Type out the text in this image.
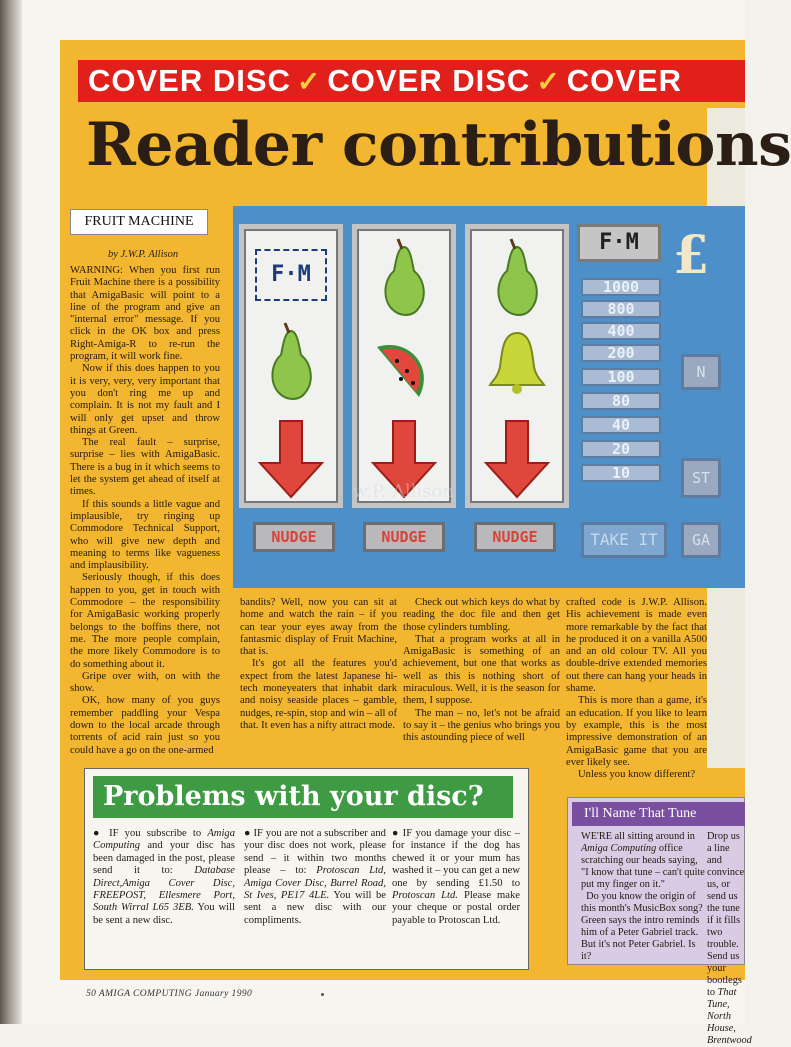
COVER DISC ✓ COVER DISC ✓ COVER
Reader contributions
FRUIT MACHINE
by J.W.P. Allison

WARNING: When you first run Fruit Machine there is a possibility that AmigaBasic will point to a line of the program and give an "internal error" message. If you click in the OK box and press Right-Amiga-R to re-run the program, it will work fine.

Now if this does happen to you it is very, very, very important that you don't ring me up and complain. It is not my fault and I will only get upset and throw things at Green.

The real fault – surprise, surprise – lies with AmigaBasic. There is a bug in it which seems to let the system get ahead of itself at times.

If this sounds a little vague and implausible, try ringing up Commodore Technical Support, who will give new depth and meaning to terms like vagueness and implausibility.

Seriously though, if this does happen to you, get in touch with Commodore – the responsibility for AmigaBasic working properly belongs to the boffins there, not me. The more people complain, the more likely Commodore is to do something about it.

Gripe over with, on with the show.

OK, how many of you guys remember paddling your Vespa down to the local arcade through torrents of acid rain just so you could have a go on the one-armed

F·M
NUDGE	NUDGE	NUDGE
F·M
1000
800
400
200
100
80
40
20
10
TAKE IT
N
ST
GA
£
w.P. Allison

bandits? Well, now you can sit at home and watch the rain – if you can tear your eyes away from the fantasmic display of Fruit Machine, that is.

It's got all the features you'd expect from the latest Japanese hi-tech moneyeaters that inhabit dark and noisy seaside places – gamble, nudges, re-spin, stop and win – all of that. It even has a nifty attract mode.

Check out which keys do what by reading the doc file and then get those cylinders tumbling.

That a program works at all in AmigaBasic is something of an achievement, but one that works as well as this is nothing short of miraculous. Well, it is the season for them, I suppose.

The man – no, let's not be afraid to say it – the genius who brings you this astounding piece of well

crafted code is J.W.P. Allison. His achievement is made even more remarkable by the fact that he produced it on a vanilla A500 and an old colour TV. All you double-drive extended memories out there can hang your heads in shame.

This is more than a game, it's an education. If you like to learn by example, this is the most impressive demonstration of an AmigaBasic game that you are ever likely see.

Unless you know different?

Problems with your disc?
● IF you subscribe to Amiga Computing and your disc has been damaged in the post, please send it to: Database Direct,Amiga Cover Disc, FREEPOST, Ellesmere Port, South Wirral L65 3EB. You will be sent a new disc.
● IF you are not a subscriber and your disc does not work, please send – it within two months please – to: Protoscan Ltd, Amiga Cover Disc, Burrel Road, St Ives, PE17 4LE. You will be sent a new disc with our compliments.
● IF you damage your disc – for instance if the dog has chewed it or your mum has washed it – you can get a new one by sending £1.50 to Protoscan Ltd. Please make your cheque or postal order payable to Protoscan Ltd.
I'll Name That Tune
WE'RE all sitting around in Amiga Computing office scratching our heads saying, "I know that tune – can't quite put my finger on it."
Do you know the origin of this month's MusicBox song? Green says the intro reminds him of a Peter Gabriel track. But it's not Peter Gabriel. Is it?
Drop us a line and convince us, or send us the tune if it fills two trouble. Send us your bootlegs to That Tune, North House, Brentwood
50 AMIGA COMPUTING January 1990
